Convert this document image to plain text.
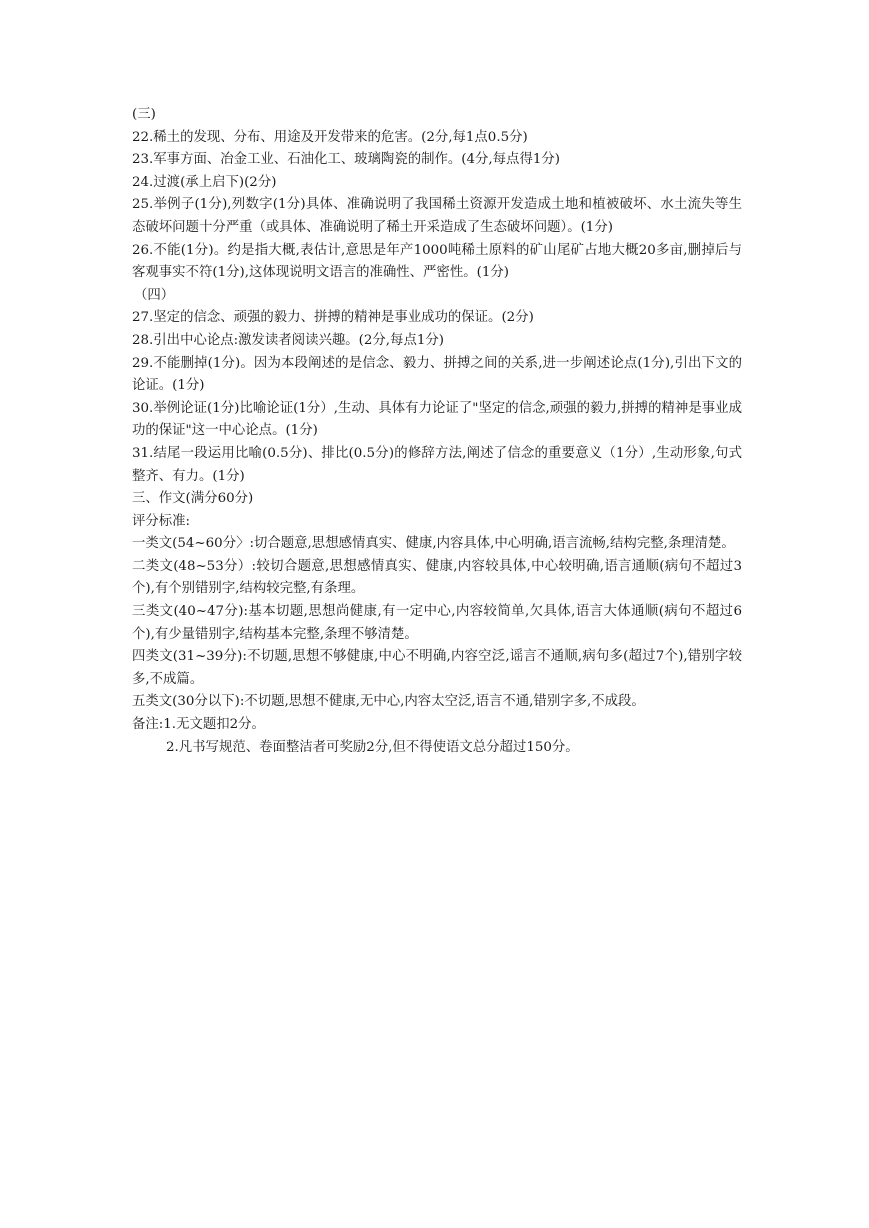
(三)

22.稀土的发现、分布、用途及开发带来的危害。(2分,每1点0.5分)

23.军事方面、冶金工业、石油化工、玻璃陶瓷的制作。(4分,每点得1分)

24.过渡(承上启下)(2分)

25.举例子(1分),列数字(1分)具体、准确说明了我国稀土资源开发造成土地和植被破坏、水土流失等生态破坏问题十分严重（或具体、准确说明了稀土开采造成了生态破坏问题）。(1分)

26.不能(1分)。约是指大概,表估计,意思是年产1000吨稀土原料的矿山尾矿占地大概20多亩,删掉后与客观事实不符(1分),这体现说明文语言的准确性、严密性。(1分)

（四）

27.坚定的信念、顽强的毅力、拼搏的精神是事业成功的保证。(2分)

28.引出中心论点:激发读者阅读兴趣。(2分,每点1分)

29.不能删掉(1分)。因为本段阐述的是信念、毅力、拼搏之间的关系,进一步阐述论点(1分),引出下文的论证。(1分)

30.举例论证(1分)比喻论证(1分）,生动、具体有力论证了"坚定的信念,顽强的毅力,拼搏的精神是事业成功的保证"这一中心论点。(1分)

31.结尾一段运用比喻(0.5分)、排比(0.5分)的修辞方法,阐述了信念的重要意义（1分）,生动形象,句式整齐、有力。(1分)

三、作文(满分60分)

评分标准:

一类文(54~60分〉:切合题意,思想感情真实、健康,内容具体,中心明确,语言流畅,结构完整,条理清楚。

二类文(48~53分）:较切合题意,思想感情真实、健康,内容较具体,中心较明确,语言通顺(病句不超过3个),有个别错别字,结构较完整,有条理。

三类文(40~47分):基本切题,思想尚健康,有一定中心,内容较简单,欠具体,语言大体通顺(病句不超过6个),有少量错别字,结构基本完整,条理不够清楚。

四类文(31~39分):不切题,思想不够健康,中心不明确,内容空泛,谣言不通顺,病句多(超过7个),错别字较多,不成篇。

五类文(30分以下):不切题,思想不健康,无中心,内容太空泛,语言不通,错别字多,不成段。

备注:1.无文题扣2分。

2.凡书写规范、卷面整洁者可奖励2分,但不得使语文总分超过150分。
